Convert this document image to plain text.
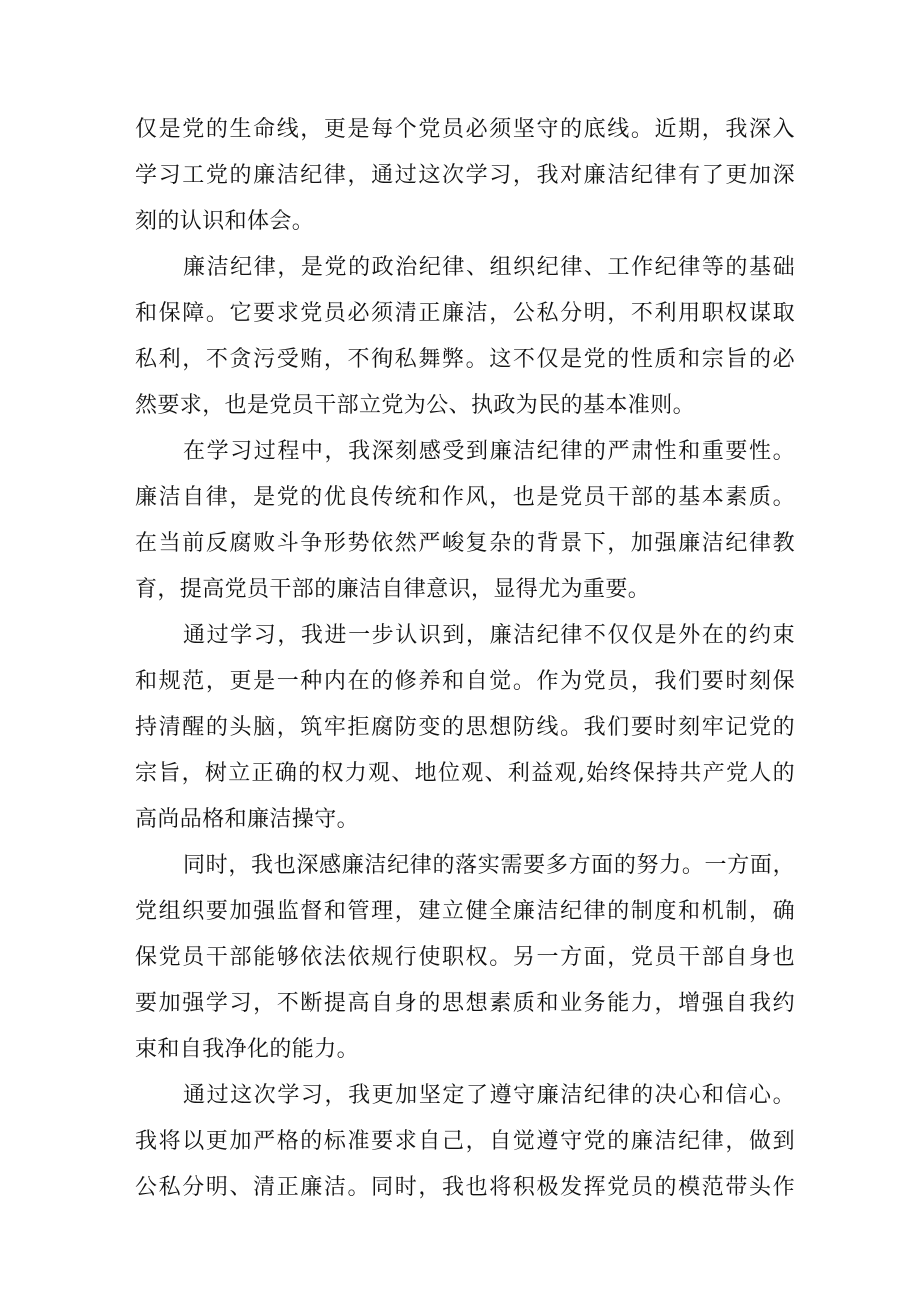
仅是党的生命线，更是每个党员必须坚守的底线。近期，我深入
学习工党的廉洁纪律，通过这次学习，我对廉洁纪律有了更加深
刻的认识和体会。

廉洁纪律，是党的政治纪律、组织纪律、工作纪律等的基础
和保障。它要求党员必须清正廉洁，公私分明，不利用职权谋取
私利，不贪污受贿，不徇私舞弊。这不仅是党的性质和宗旨的必
然要求，也是党员干部立党为公、执政为民的基本准则。

在学习过程中，我深刻感受到廉洁纪律的严肃性和重要性。
廉洁自律，是党的优良传统和作风，也是党员干部的基本素质。
在当前反腐败斗争形势依然严峻复杂的背景下，加强廉洁纪律教
育，提高党员干部的廉洁自律意识，显得尤为重要。

通过学习，我进一步认识到，廉洁纪律不仅仅是外在的约束
和规范，更是一种内在的修养和自觉。作为党员，我们要时刻保
持清醒的头脑，筑牢拒腐防变的思想防线。我们要时刻牢记党的
宗旨，树立正确的权力观、地位观、利益观,始终保持共产党人的
高尚品格和廉洁操守。

同时，我也深感廉洁纪律的落实需要多方面的努力。一方面，
党组织要加强监督和管理，建立健全廉洁纪律的制度和机制，确
保党员干部能够依法依规行使职权。另一方面，党员干部自身也
要加强学习，不断提高自身的思想素质和业务能力，增强自我约
束和自我净化的能力。

通过这次学习，我更加坚定了遵守廉洁纪律的决心和信心。
我将以更加严格的标准要求自己，自觉遵守党的廉洁纪律，做到
公私分明、清正廉洁。同时，我也将积极发挥党员的模范带头作
